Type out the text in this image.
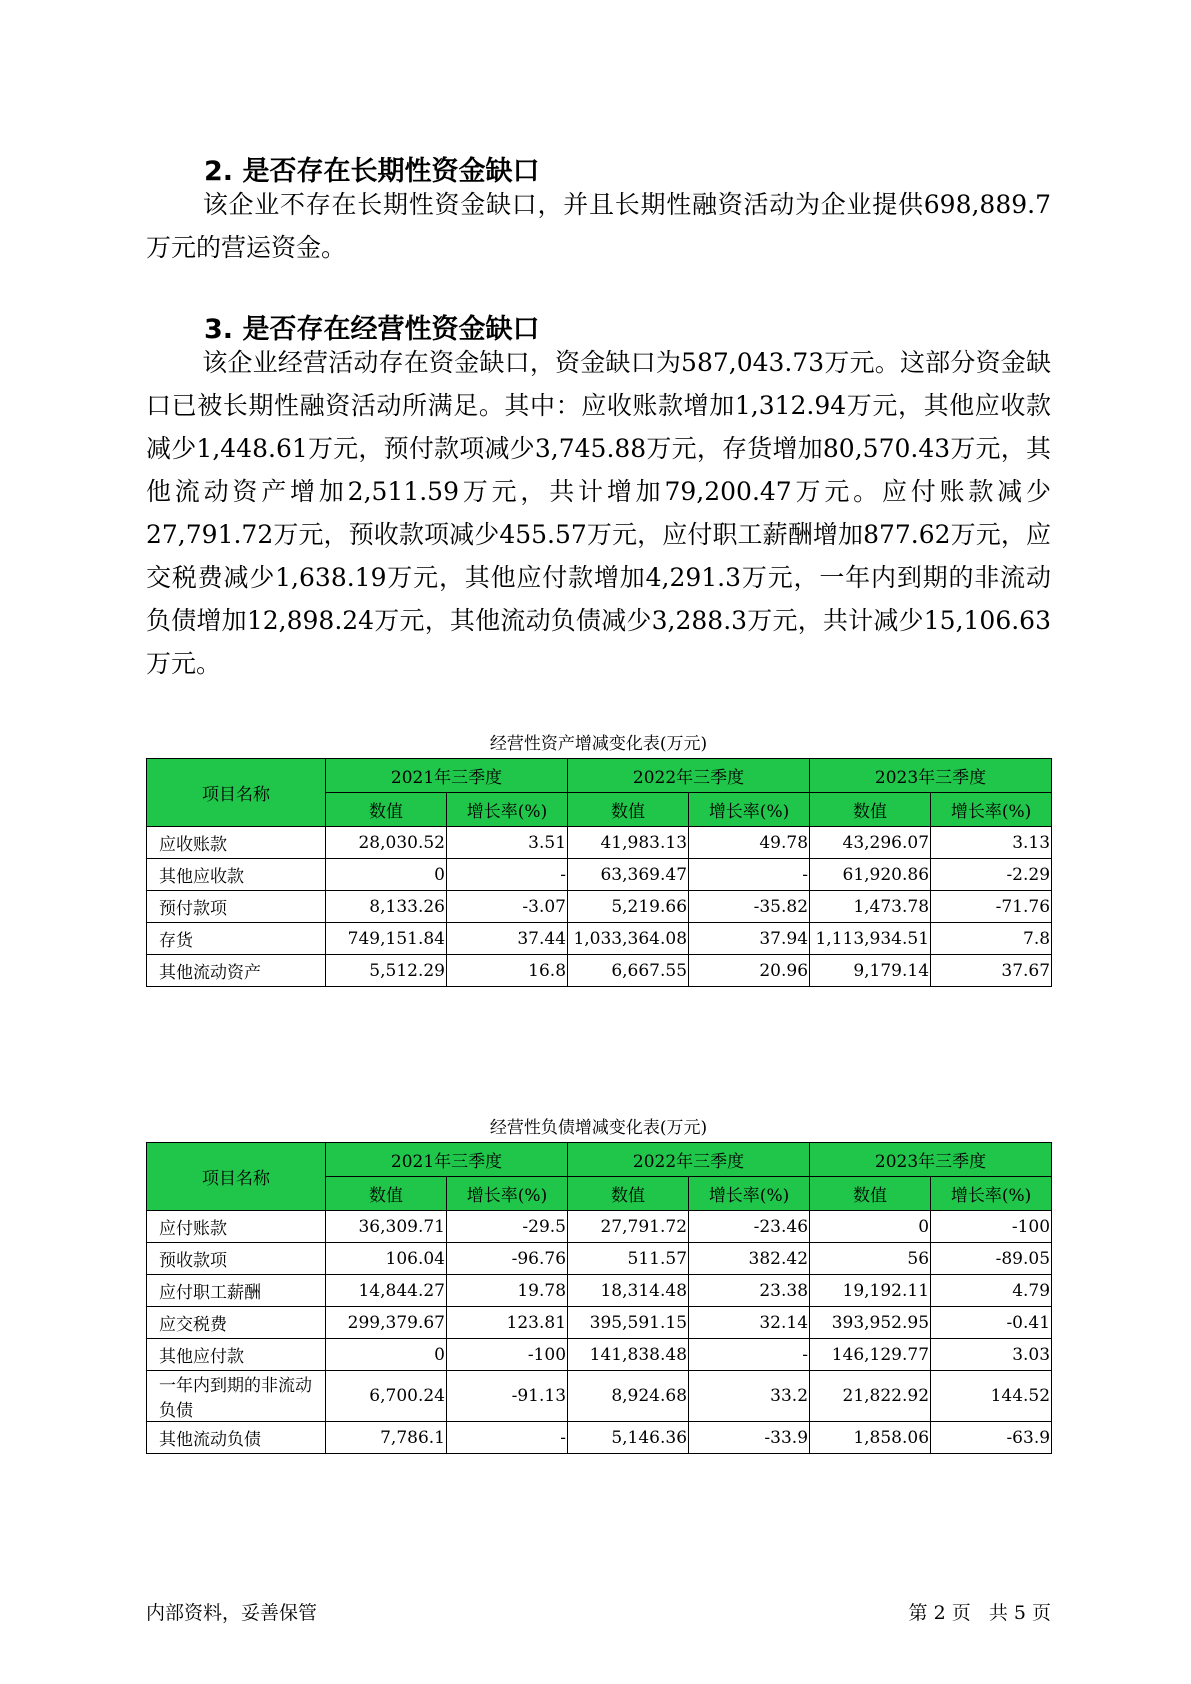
2. 是否存在长期性资金缺口

该企业不存在长期性资金缺口，并且长期性融资活动为企业提供698,889.7万元的营运资金。

3. 是否存在经营性资金缺口

该企业经营活动存在资金缺口，资金缺口为587,043.73万元。这部分资金缺口已被长期性融资活动所满足。其中：应收账款增加1,312.94万元，其他应收款减少1,448.61万元，预付款项减少3,745.88万元，存货增加80,570.43万元，其他流动资产增加2,511.59万元，共计增加79,200.47万元。应付账款减少27,791.72万元，预收款项减少455.57万元，应付职工薪酬增加877.62万元，应交税费减少1,638.19万元，其他应付款增加4,291.3万元，一年内到期的非流动负债增加12,898.24万元，其他流动负债减少3,288.3万元，共计减少15,106.63万元。

经营性资产增减变化表(万元)
项目名称	2021年三季度		2022年三季度		2023年三季度	
	数值	增长率(%)	数值	增长率(%)	数值	增长率(%)
应收账款	28,030.52	3.51	41,983.13	49.78	43,296.07	3.13
其他应收款	0	-	63,369.47	-	61,920.86	-2.29
预付款项	8,133.26	-3.07	5,219.66	-35.82	1,473.78	-71.76
存货	749,151.84	37.44	1,033,364.08	37.94	1,113,934.51	7.8
其他流动资产	5,512.29	16.8	6,667.55	20.96	9,179.14	37.67
经营性负债增减变化表(万元)
项目名称	2021年三季度		2022年三季度		2023年三季度	
	数值	增长率(%)	数值	增长率(%)	数值	增长率(%)
应付账款	36,309.71	-29.5	27,791.72	-23.46	0	-100
预收款项	106.04	-96.76	511.57	382.42	56	-89.05
应付职工薪酬	14,844.27	19.78	18,314.48	23.38	19,192.11	4.79
应交税费	299,379.67	123.81	395,591.15	32.14	393,952.95	-0.41
其他应付款	0	-100	141,838.48	-	146,129.77	3.03
一年内到期的非流动负债	6,700.24	-91.13	8,924.68	33.2	21,822.92	144.52
其他流动负债	7,786.1	-	5,146.36	-33.9	1,858.06	-63.9
内部资料，妥善保管	第 2 页   共 5 页
